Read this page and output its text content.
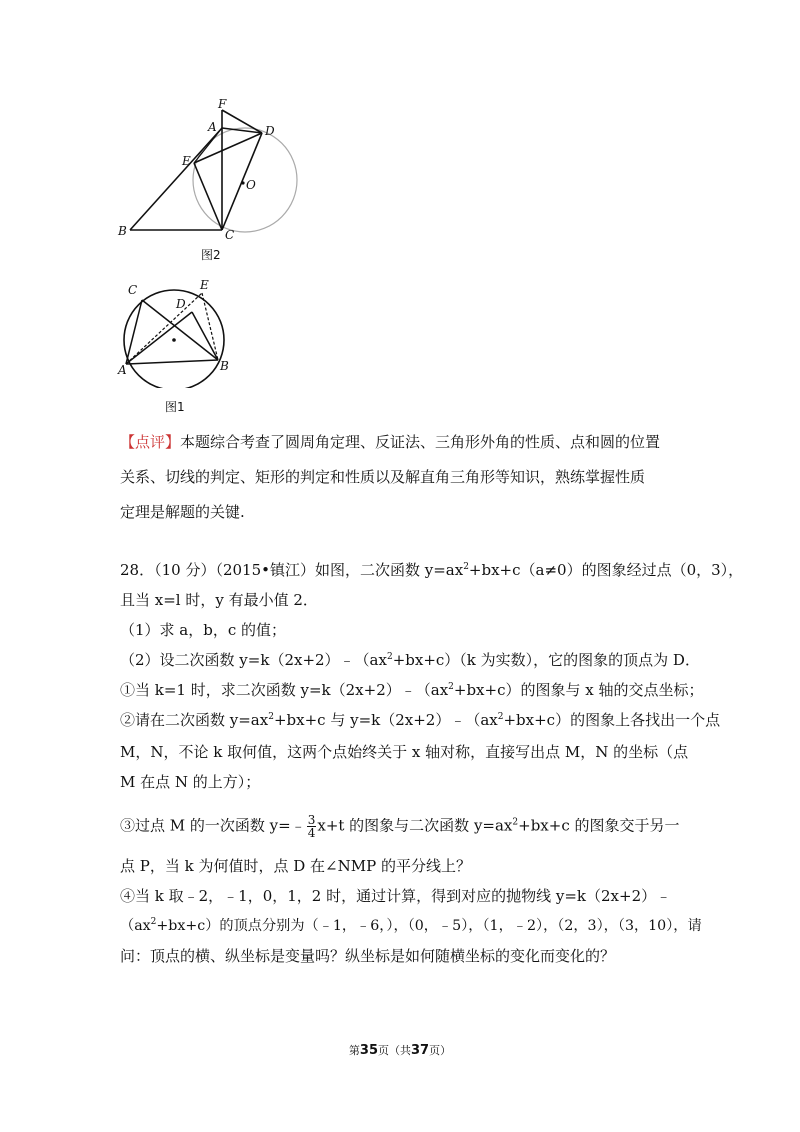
F
A	D
E
O
B	C
图2
C
D
E
A	B
图1
【点评】本题综合考查了圆周角定理、反证法、三角形外角的性质、点和圆的位置
关系、切线的判定、矩形的判定和性质以及解直角三角形等知识，熟练掌握性质
定理是解题的关键.
28．（10 分）（2015•镇江）如图，二次函数 $y=ax^2+bx+c(a\ne 0)$的图象经过点（0，3），
且当 x=l 时，y 有最小值 2．
（1）求 a，b，c 的值；
（2）设二次函数 $y=k(2x+2)﹣(ax^2+bx+c)(k$ 为实数），它的图象的顶点为 D．
①当 k=1 时，求二次函数 $y=k(2x+2)﹣(ax^2+bx+c)$的图象与 x 轴的交点坐标；
②请在二次函数 $y=ax^2+bx+c$ 与 $y=k(2x+2)﹣(ax^2+bx+c)$的图象上各找出一个点
M，N，不论 k 取何值，这两个点始终关于 x 轴对称，直接写出点 M，N 的坐标（点
M 在点 N 的上方）；
③过点 M 的一次函数 y=﹣ $\frac{3}{4} x+t$ 的图象与二次函数 $y=ax^2+bx+c$ 的图象交于另一
点 P，当 k 为何值时，点 D 在∠NMP 的平分线上？
④当 k 取﹣2，﹣1，0，1，2 时，通过计算，得到对应的抛物线 y=k（2x+2）﹣
$(ax^2+bx+c)$的顶点分别为（﹣1，﹣6，），（0，﹣5），（1，﹣2），（2，3），（3，10），请
问：顶点的横、纵坐标是变量吗？纵坐标是如何随横坐标的变化而变化的？
第35页（共37页）
